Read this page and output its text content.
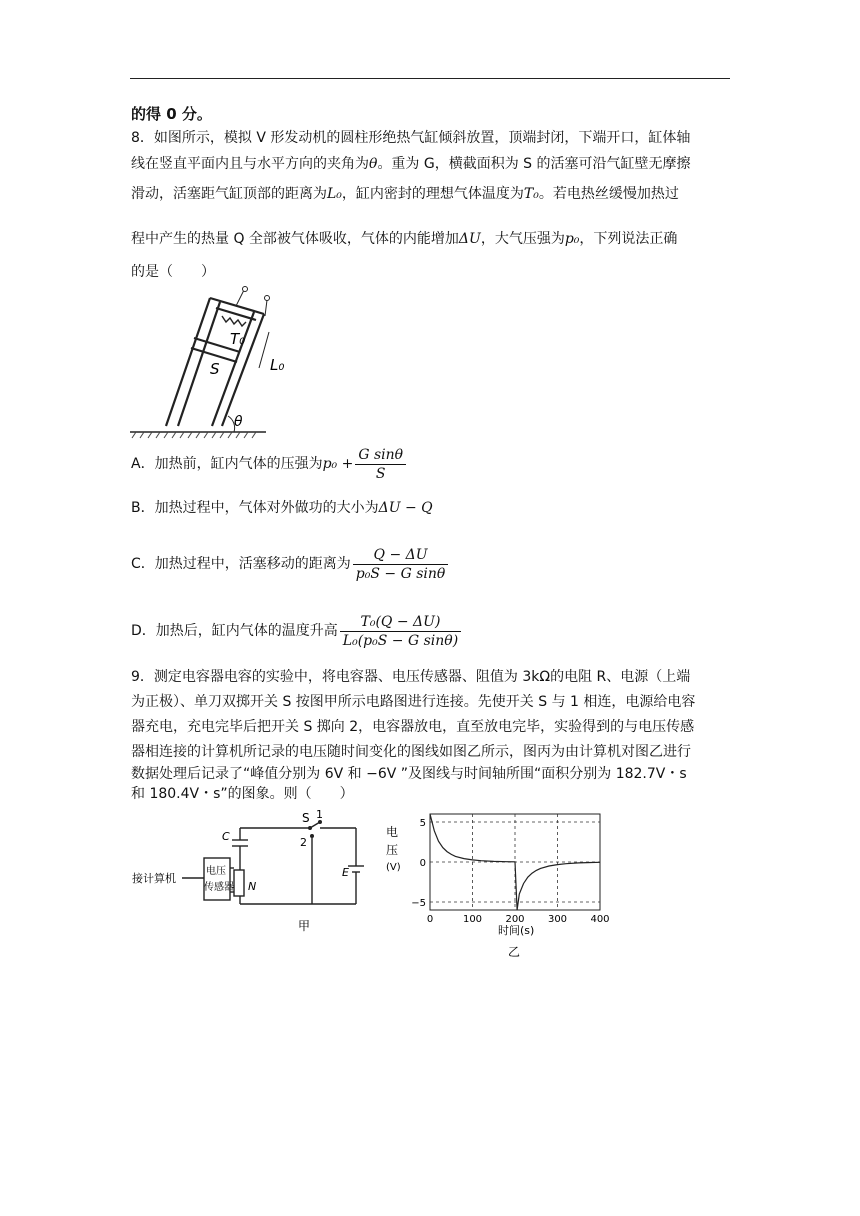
的得 0 分。
8．如图所示，模拟 V 形发动机的圆柱形绝热气缸倾斜放置，顶端封闭，下端开口，缸体轴
线在竖直平面内且与水平方向的夹角为θ。重为 G，横截面积为 S 的活塞可沿气缸壁无摩擦
滑动，活塞距气缸顶部的距离为L₀，缸内密封的理想气体温度为T₀。若电热丝缓慢加热过
程中产生的热量 Q 全部被气体吸收，气体的内能增加ΔU，大气压强为p₀，下列说法正确
的是（　　）
T₀
S	L₀
θ
A．加热前，缸内气体的压强为$p_0 + \frac{\text{G sinθ}}{S}$
B．加热过程中，气体对外做功的大小为ΔU − Q
C．加热过程中，活塞移动的距离为 $\frac{Q - \Delta U}{\text{p₀S − G sinθ}}$
D．加热后，缸内气体的温度升高 $\frac{\text{T₀(Q − ΔU)}}{\text{L₀(p₀S − G sinθ)}}$
9．测定电容器电容的实验中，将电容器、电压传感器、阻值为 3kΩ的电阻 R、电源（上端
为正极）、单刀双掷开关 S 按图甲所示电路图进行连接。先使开关 S 与 1 相连，电源给电容
器充电，充电完毕后把开关 S 掷向 2，电容器放电，直至放电完毕，实验得到的与电压传感
器相连接的计算机所记录的电压随时间变化的图线如图乙所示，图丙为由计算机对图乙进行
数据处理后记录了“峰值分别为 6V 和 −6V ”及图线与时间轴所围“面积分别为 182.7V・s
和 180.4V・s”的图象。则（　　）
S 1
2
C
接计算机
电压
传感器 N
E
甲	0	100 200 300 400
5
0
−5
电
压
(V)
时间(s)
乙
